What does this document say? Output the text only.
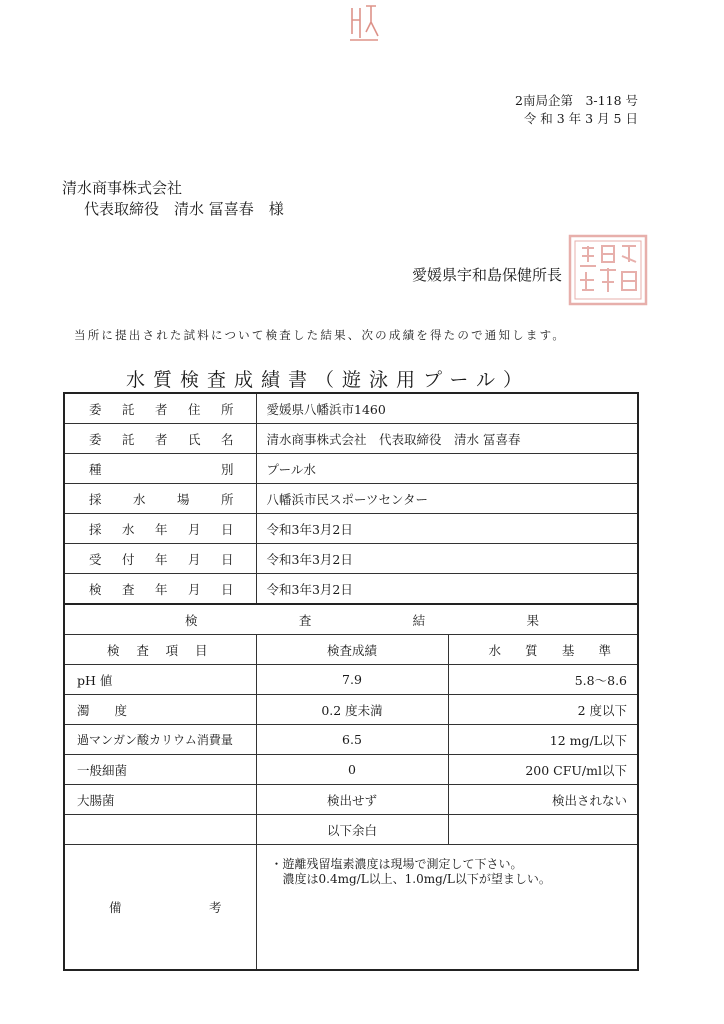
2南局企第　3-118 号
令 和 3 年 3 月 5 日
清水商事株式会社
代表取締役　清水 冨喜春　様
愛媛県宇和島保健所長
当所に提出された試料について検査した結果、次の成績を得たので通知します。
水質検査成績書（遊泳用プール）
委託者住所	愛媛県八幡浜市1460	
委託者氏名	清水商事株式会社　代表取締役　清水 冨喜春	
種別	プール水	
採水場所	八幡浜市民スポーツセンター	
採水年月日	令和3年3月2日	
受付年月日	令和3年3月2日	
検査年月日	令和3年3月2日	
検査結果		
検査項目	検査成績	水質基準
pH 値	7.9	5.8～8.6
濁　　度	0.2 度未満	2 度以下
過マンガン酸カリウム消費量	6.5	12 mg/L以下
一般細菌	0	200 CFU/ml以下
大腸菌	検出せず	検出されない
	以下余白	
備考	・遊離残留塩素濃度は現場で測定して下さい。
　濃度は0.4mg/L以上、1.0mg/L以下が望ましい。	
